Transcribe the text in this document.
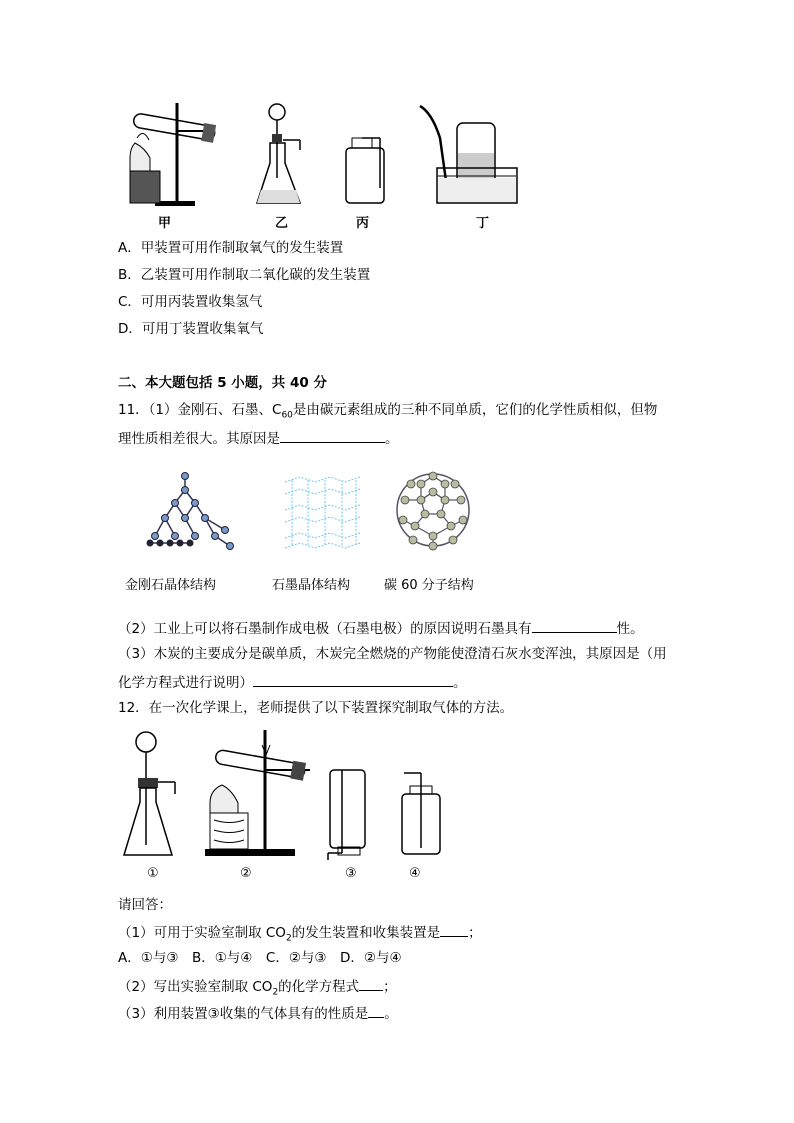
甲	乙	丙	丁
A．甲装置可用作制取氧气的发生装置
B．乙装置可用作制取二氧化碳的发生装置
C．可用丙装置收集氢气
D．可用丁装置收集氧气
二、本大题包括 5 小题，共 40 分
11．（1）金刚石、石墨、$C_{60}$是由碳元素组成的三种不同单质，它们的化学性质相似，但物
理性质相差很大。其原因是	。
金刚石晶体结构	石墨晶体结构	碳 60 分子结构
（2）工业上可以将石墨制作成电极（石墨电极）的原因说明石墨具有	性。
（3）木炭的主要成分是碳单质，木炭完全燃烧的产物能使澄清石灰水变浑浊，其原因是（用
化学方程式进行说明）	。
12．在一次化学课上，老师提供了以下装置探究制取气体的方法。
①	②	③	④
请回答：
（1）可用于实验室制取 $CO_2$的发生装置和收集装置是 ；
A．①与③　B．①与④　C．②与③　D．②与④
（2）写出实验室制取 $CO_2$的化学方程式 ；
（3）利用装置③收集的气体具有的性质是 。
